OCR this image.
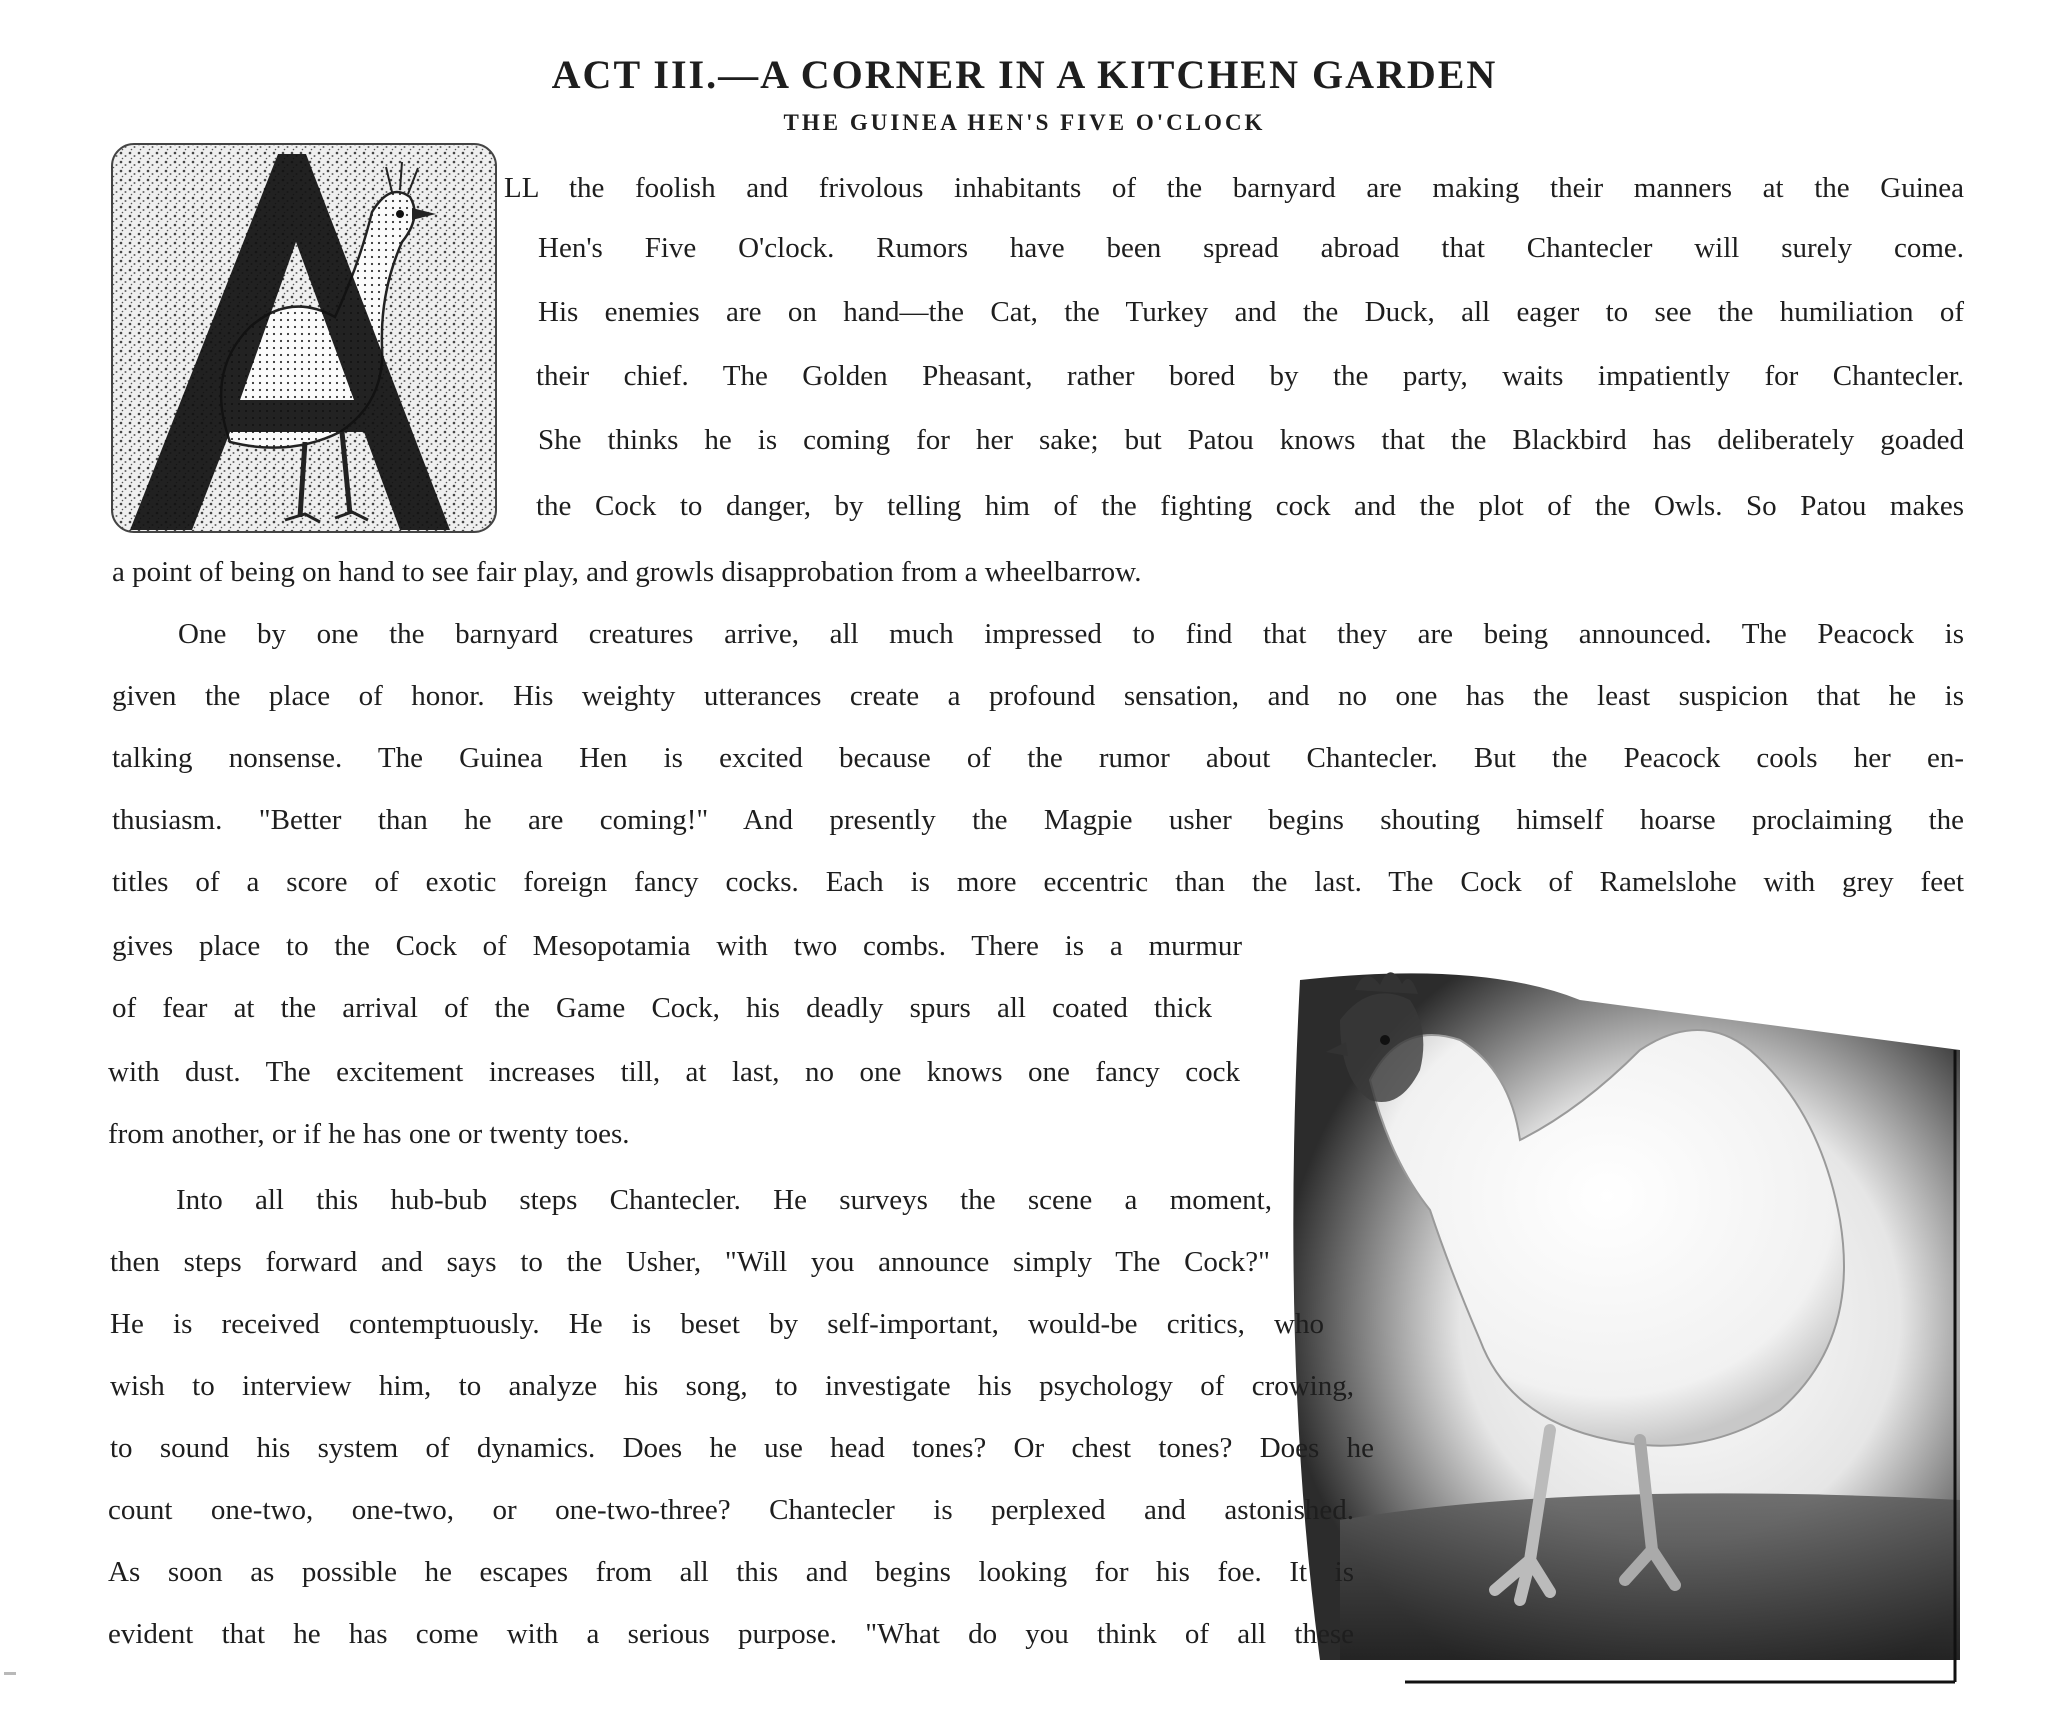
ACT III.—A CORNER IN A KITCHEN GARDEN
THE GUINEA HEN'S FIVE O'CLOCK

LL the foolish and frivolous inhabitants of the barnyard are making their manners at the Guinea

Hen's Five O'clock. Rumors have been spread abroad that Chantecler will surely come.

His enemies are on hand—the Cat, the Turkey and the Duck, all eager to see the humiliation of

their chief. The Golden Pheasant, rather bored by the party, waits impatiently for Chantecler.

She thinks he is coming for her sake; but Patou knows that the Blackbird has deliberately goaded

the Cock to danger, by telling him of the fighting cock and the plot of the Owls. So Patou makes

a point of being on hand to see fair play, and growls disapprobation from a wheelbarrow.

One by one the barnyard creatures arrive, all much impressed to find that they are being announced. The Peacock is

given the place of honor. His weighty utterances create a profound sensation, and no one has the least suspicion that he is

talking nonsense. The Guinea Hen is excited because of the rumor about Chantecler. But the Peacock cools her en-

thusiasm. "Better than he are coming!" And presently the Magpie usher begins shouting himself hoarse proclaiming the

titles of a score of exotic foreign fancy cocks. Each is more eccentric than the last. The Cock of Ramelslohe with grey feet

gives place to the Cock of Mesopotamia with two combs. There is a murmur

of fear at the arrival of the Game Cock, his deadly spurs all coated thick

with dust. The excitement increases till, at last, no one knows one fancy cock

from another, or if he has one or twenty toes.

Into all this hub-bub steps Chantecler. He surveys the scene a moment,

then steps forward and says to the Usher, "Will you announce simply The Cock?"

He is received contemptuously. He is beset by self-important, would-be critics, who

wish to interview him, to analyze his song, to investigate his psychology of crowing,

to sound his system of dynamics. Does he use head tones? Or chest tones? Does he

count one-two, one-two, or one-two-three? Chantecler is perplexed and astonished.

As soon as possible he escapes from all this and begins looking for his foe. It is

evident that he has come with a serious purpose. "What do you think of all these
